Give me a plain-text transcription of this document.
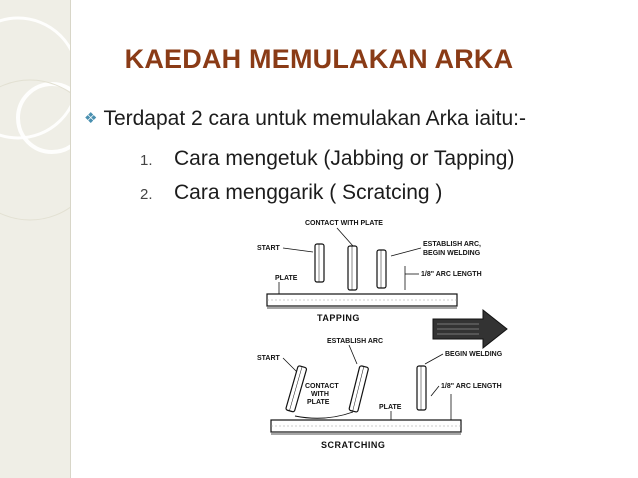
KAEDAH MEMULAKAN ARKA
❖ Terdapat 2 cara untuk memulakan Arka iaitu:-
1. Cara mengetuk (Jabbing or Tapping)
2. Cara menggarik ( Scratcing )
CONTACT WITH PLATE
START
ESTABLISH ARC,
BEGIN WELDING
PLATE
1/8" ARC LENGTH
TAPPING
ESTABLISH ARC
START
BEGIN WELDING
CONTACT
WITH
PLATE
PLATE
1/8" ARC LENGTH
SCRATCHING
